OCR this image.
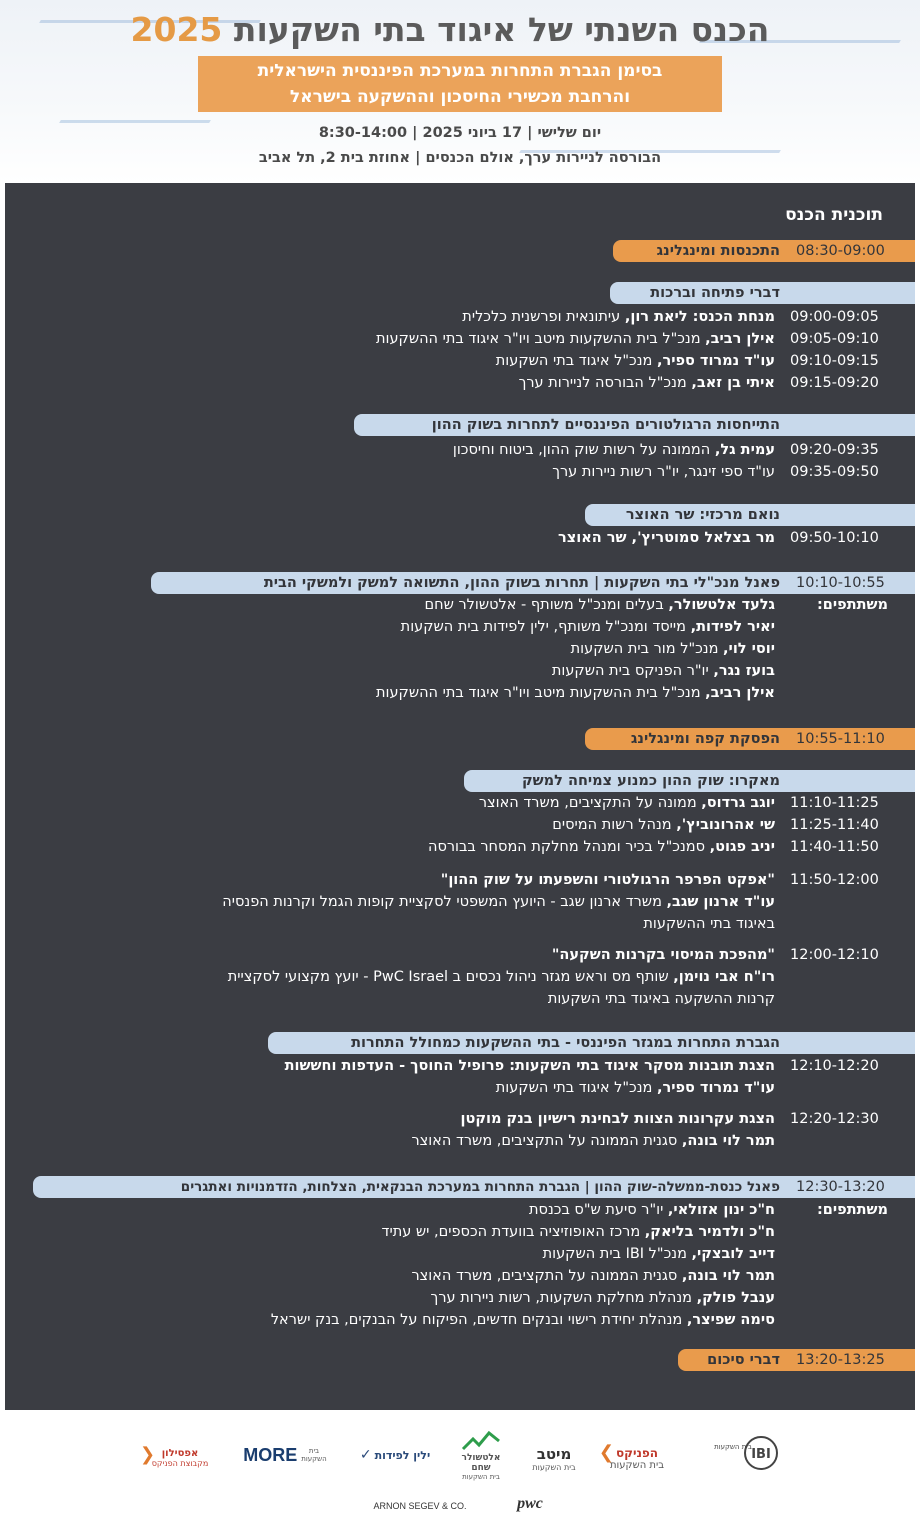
הכנס השנתי של איגוד בתי השקעות 2025
בסימן הגברת התחרות במערכת הפיננסית הישראלית
והרחבת מכשירי החיסכון וההשקעה בישראל
יום שלישי | 17 ביוני 2025 | 8:30-14:00
הבורסה לניירות ערך, אולם הכנסים | אחוזת בית 2, תל אביב
תוכנית הכנס
08:30-09:00
התכנסות ומינגלינג
דברי פתיחה וברכות
09:00-09:05
מנחת הכנס: ליאת רון, עיתונאית ופרשנית כלכלית
09:05-09:10
אילן רביב, מנכ"ל בית ההשקעות מיטב ויו"ר איגוד בתי ההשקעות
09:10-09:15
עו"ד נמרוד ספיר, מנכ"ל איגוד בתי השקעות
09:15-09:20
איתי בן זאב, מנכ"ל הבורסה לניירות ערך
התייחסות הרגולטורים הפיננסיים לתחרות בשוק ההון
09:20-09:35
עמית גל, הממונה על רשות שוק ההון, ביטוח וחיסכון
09:35-09:50
עו"ד ספי זינגר, יו"ר רשות ניירות ערך
נואם מרכזי: שר האוצר
09:50-10:10
מר בצלאל סמוטריץ', שר האוצר
10:10-10:55
פאנל מנכ"לי בתי השקעות | תחרות בשוק ההון, התשואה למשק ולמשקי הבית
משתתפים:
גלעד אלטשולר, בעלים ומנכ"ל משותף - אלטשולר שחם
יאיר לפידות, מייסד ומנכ"ל משותף, ילין לפידות בית השקעות
יוסי לוי, מנכ"ל מור בית השקעות
בועז נגר, יו"ר הפניקס בית השקעות
אילן רביב, מנכ"ל בית ההשקעות מיטב ויו"ר איגוד בתי ההשקעות
10:55-11:10
הפסקת קפה ומינגלינג
מאקרו: שוק ההון כמנוע צמיחה למשק
11:10-11:25
יוגב גרדוס, ממונה על התקציבים, משרד האוצר
11:25-11:40
שי אהרונוביץ', מנהל רשות המיסים
11:40-11:50
יניב פגוט, סמנכ"ל בכיר ומנהל מחלקת המסחר בבורסה
11:50-12:00
"אפקט הפרפר הרגולטורי והשפעתו על שוק ההון"
עו"ד ארנון שגב, משרד ארנון שגב - היועץ המשפטי לסקציית קופות הגמל וקרנות הפנסיה
באיגוד בתי ההשקעות
12:00-12:10
"מהפכת המיסוי בקרנות השקעה"
רו"ח אבי נוימן, שותף מס וראש מגזר ניהול נכסים ב PwC Israel - יועץ מקצועי לסקציית
קרנות ההשקעה באיגוד בתי השקעות
הגברת התחרות במגזר הפיננסי - בתי ההשקעות כמחולל התחרות
12:10-12:20
הצגת תובנות מסקר איגוד בתי השקעות: פרופיל החוסך - העדפות וחששות
עו"ד נמרוד ספיר, מנכ"ל איגוד בתי השקעות
12:20-12:30
הצגת עקרונות הצוות לבחינת רישיון בנק מוקטן
תמר לוי בונה, סגנית הממונה על התקציבים, משרד האוצר
12:30-13:20
פאנל כנסת-ממשלה-שוק ההון | הגברת התחרות במערכת הבנקאית, הצלחות, הזדמנויות ואתגרים
משתתפים:
ח"כ ינון אזולאי, יו"ר סיעת ש"ס בכנסת
ח"כ ולדמיר בליאק, מרכז האופוזיציה בוועדת הכספים, יש עתיד
דייב לובצקי, מנכ"ל IBI בית השקעות
תמר לוי בונה, סגנית הממונה על התקציבים, משרד האוצר
ענבל פולק, מנהלת מחלקת השקעות, רשות ניירות ערך
סימה שפיצר, מנהלת יחידת רישוי ובנקים חדשים, הפיקוח על הבנקים, בנק ישראל
13:20-13:25
דברי סיכום
IBI
בית השקעות
❯ הפניקס
בית השקעות
מיטב
בית השקעות
אלטשולר שחם
בית השקעות
ילין לפידות
✓
בית השקעות
MORE
❮ אפסילון
מקבוצת הפניקס
pwc
ARNON SEGEV & CO.
